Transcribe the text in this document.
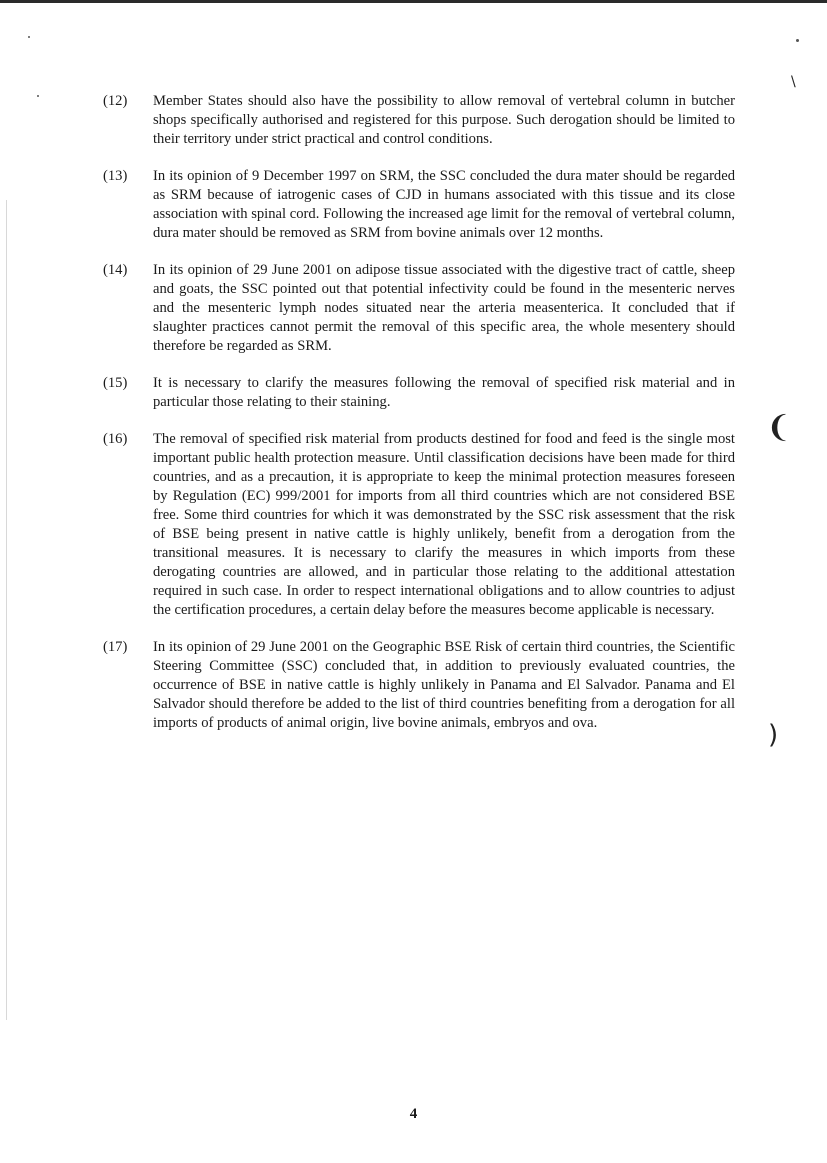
\
❨
)
(12)	Member States should also have the possibility to allow removal of vertebral column in butcher shops specifically authorised and registered for this purpose. Such derogation should be limited to their territory under strict practical and control conditions.
(13)	In its opinion of 9 December 1997 on SRM, the SSC concluded the dura mater should be regarded as SRM because of iatrogenic cases of CJD in humans associated with this tissue and its close association with spinal cord. Following the increased age limit for the removal of vertebral column, dura mater should be removed as SRM from bovine animals over 12 months.
(14)	In its opinion of 29 June 2001 on adipose tissue associated with the digestive tract of cattle, sheep and goats, the SSC pointed out that potential infectivity could be found in the mesenteric nerves and the mesenteric lymph nodes situated near the arteria measenterica. It concluded that if slaughter practices cannot permit the removal of this specific area, the whole mesentery should therefore be regarded as SRM.
(15)	It is necessary to clarify the measures following the removal of specified risk material and in particular those relating to their staining.
(16)	The removal of specified risk material from products destined for food and feed is the single most important public health protection measure. Until classification decisions have been made for third countries, and as a precaution, it is appropriate to keep the minimal protection measures foreseen by Regulation (EC) 999/2001 for imports from all third countries which are not considered BSE free. Some third countries for which it was demonstrated by the SSC risk assessment that the risk of BSE being present in native cattle is highly unlikely, benefit from a derogation from the transitional measures. It is necessary to clarify the measures in which imports from these derogating countries are allowed, and in particular those relating to the additional attestation required in such case. In order to respect international obligations and to allow countries to adjust the certification procedures, a certain delay before the measures become applicable is necessary.
(17)	In its opinion of 29 June 2001 on the Geographic BSE Risk of certain third countries, the Scientific Steering Committee (SSC) concluded that, in addition to previously evaluated countries, the occurrence of BSE in native cattle is highly unlikely in Panama and El Salvador. Panama and El Salvador should therefore be added to the list of third countries benefiting from a derogation for all imports of products of animal origin, live bovine animals, embryos and ova.
4
